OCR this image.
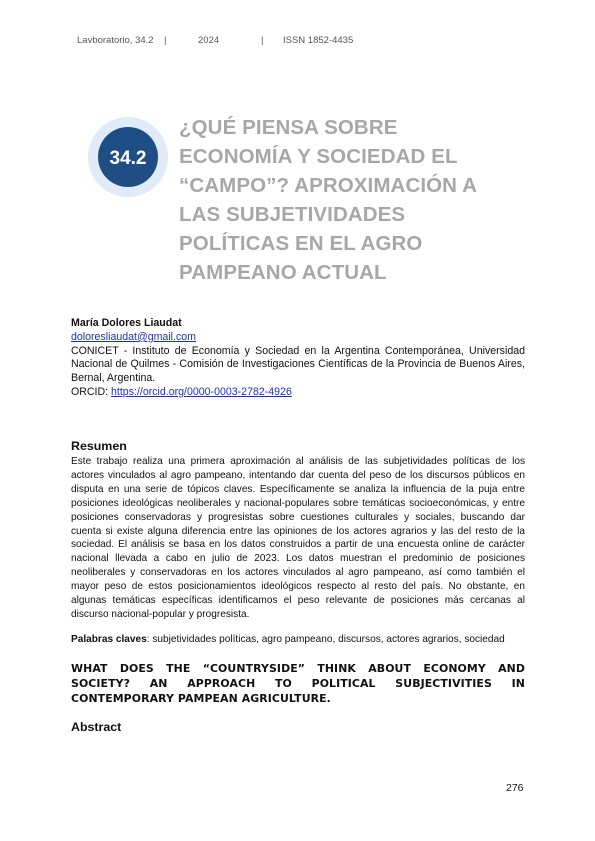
Lavboratorio, 34.2 |	2024	| ISSN 1852-4435
34.2
¿QUÉ PIENSA SOBRE
ECONOMÍA Y SOCIEDAD EL
“CAMPO”? APROXIMACIÓN A
LAS SUBJETIVIDADES
POLÍTICAS EN EL AGRO
PAMPEANO ACTUAL
María Dolores Liaudat
doloresliaudat@gmail.com
CONICET - Instituto de Economía y Sociedad en la Argentina Contemporánea, Universidad Nacional de Quilmes - Comisión de Investigaciones Científicas de la Provincia de Buenos Aires, Bernal, Argentina.
ORCID: https://orcid.org/0000-0003-2782-4926
Resumen
Este trabajo realiza una primera aproximación al análisis de las subjetividades políticas de los actores vinculados al agro pampeano, intentando dar cuenta del peso de los discursos públicos en disputa en una serie de tópicos claves. Específicamente se analiza la influencia de la puja entre posiciones ideológicas neoliberales y nacional-populares sobre temáticas socioeconómicas, y entre posiciones conservadoras y progresistas sobre cuestiones culturales y sociales, buscando dar cuenta si existe alguna diferencia entre las opiniones de los actores agrarios y las del resto de la sociedad. El análisis se basa en los datos construidos a partir de una encuesta online de carácter nacional llevada a cabo en julio de 2023. Los datos muestran el predominio de posiciones neoliberales y conservadoras en los actores vinculados al agro pampeano, así como también el mayor peso de estos posicionamientos ideológicos respecto al resto del país. No obstante, en algunas temáticas específicas identificamos el peso relevante de posiciones más cercanas al discurso nacional-popular y progresista.
Palabras claves: subjetividades políticas, agro pampeano, discursos, actores agrarios, sociedad
WHAT DOES THE “COUNTRYSIDE” THINK ABOUT ECONOMY AND SOCIETY? AN APPROACH TO POLITICAL SUBJECTIVITIES IN CONTEMPORARY PAMPEAN AGRICULTURE.
Abstract
276
